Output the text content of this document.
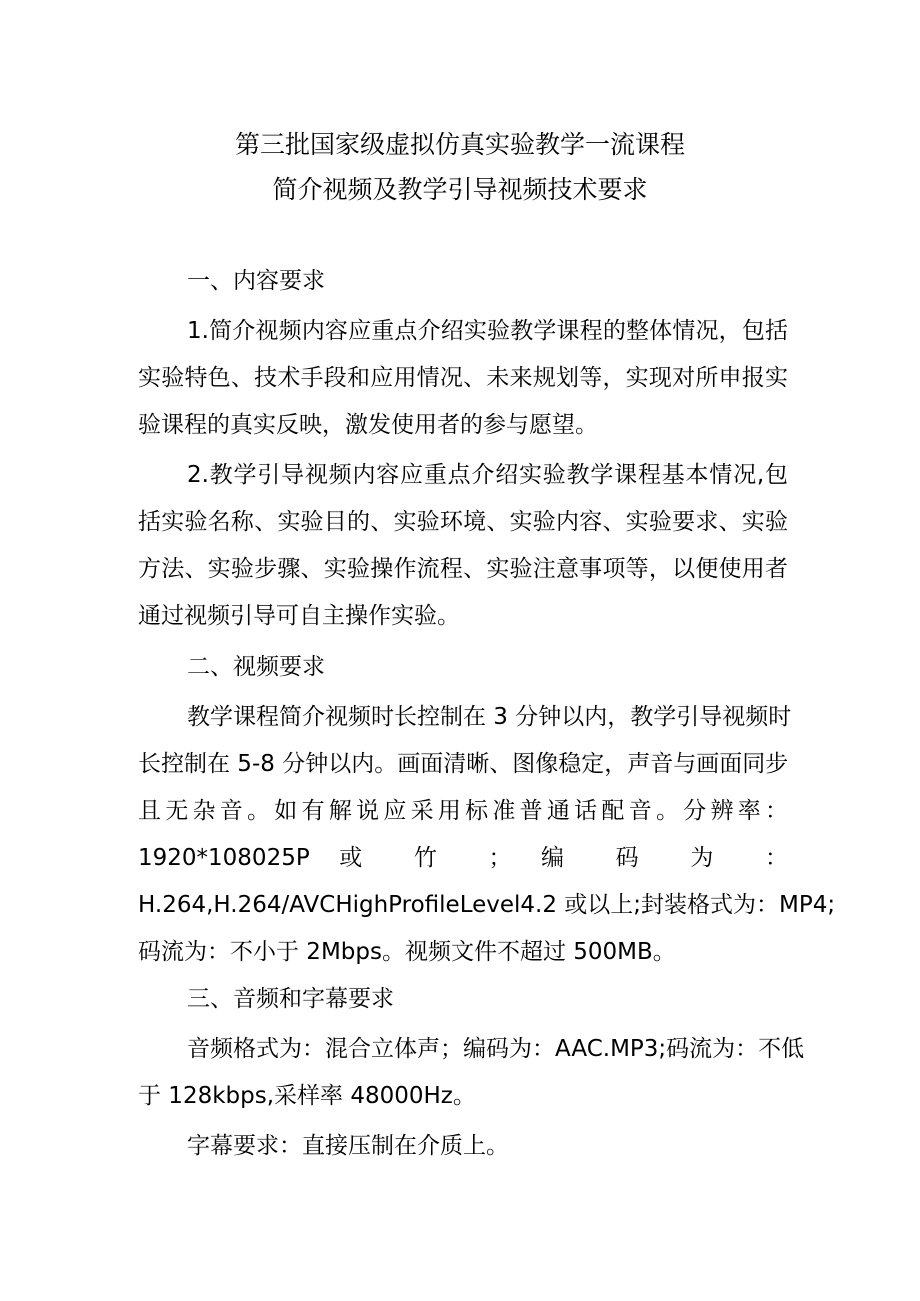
第三批国家级虚拟仿真实验教学一流课程
简介视频及教学引导视频技术要求
一、内容要求
1.简介视频内容应重点介绍实验教学课程的整体情况，包括
实验特色、技术手段和应用情况、未来规划等，实现对所申报实
验课程的真实反映，激发使用者的参与愿望。
2.教学引导视频内容应重点介绍实验教学课程基本情况,包
括实验名称、实验目的、实验环境、实验内容、实验要求、实验
方法、实验步骤、实验操作流程、实验注意事项等，以便使用者
通过视频引导可自主操作实验。
二、视频要求
教学课程简介视频时长控制在 3 分钟以内，教学引导视频时
长控制在 5-8 分钟以内。画面清晰、图像稳定，声音与画面同步
且无杂音。如有解说应采用标准普通话配音。分辨率：
1920*108025P 或 竹 ； 编 码 为 ：
H.264,H.264/AVCHighProfileLevel4.2 或以上;封装格式为：MP4;
码流为：不小于 2Mbps。视频文件不超过 500MB。
三、音频和字幕要求
音频格式为：混合立体声；编码为：AAC.MP3;码流为：不低
于 128kbps,采样率 48000Hz。
字幕要求：直接压制在介质上。
